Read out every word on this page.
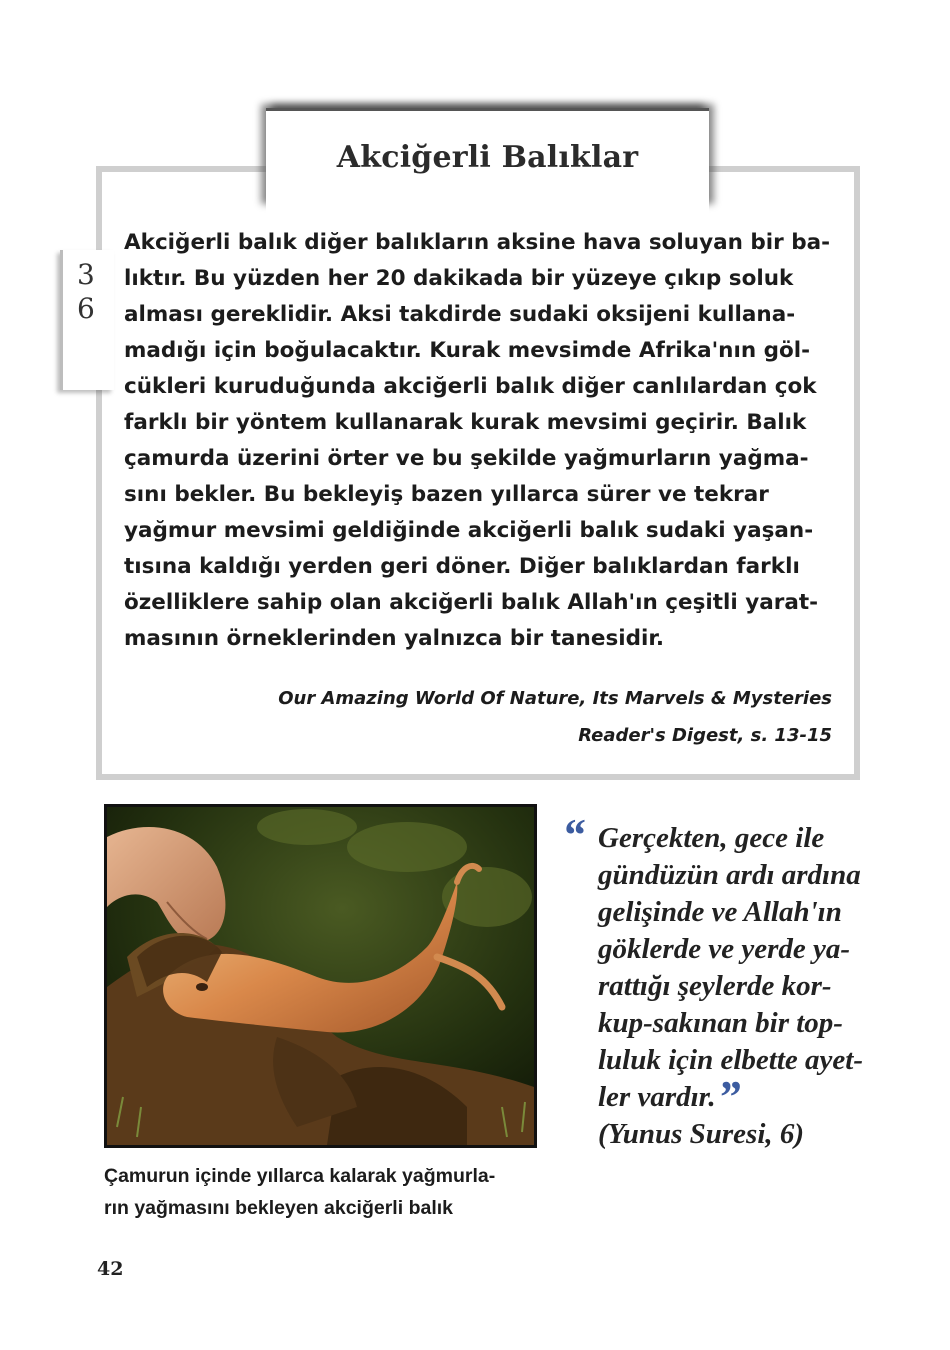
Akciğerli Balıklar
3
6
Akciğerli balık diğer balıkların aksine hava soluyan bir ba-
lıktır. Bu yüzden her 20 dakikada bir yüzeye çıkıp soluk
alması gereklidir. Aksi takdirde sudaki oksijeni kullana-
madığı için boğulacaktır. Kurak mevsimde Afrika'nın göl-
cükleri kuruduğunda akciğerli balık diğer canlılardan çok
farklı bir yöntem kullanarak kurak mevsimi geçirir. Balık
çamurda üzerini örter ve bu şekilde yağmurların yağma-
sını bekler. Bu bekleyiş bazen yıllarca sürer ve tekrar
yağmur mevsimi geldiğinde akciğerli balık sudaki yaşan-
tısına kaldığı yerden geri döner. Diğer balıklardan farklı
özelliklere sahip olan akciğerli balık Allah'ın çeşitli yarat-
masının örneklerinden yalnızca bir tanesidir.
Our Amazing World Of Nature, Its Marvels & Mysteries
Reader's Digest, s. 13-15
Çamurun içinde yıllarca kalarak yağmurla-
rın yağmasını bekleyen akciğerli balık
“ Gerçekten, gece ile
gündüzün ardı ardına
gelişinde ve Allah'ın
göklerde ve yerde ya-
rattığı şeylerde kor-
kup-sakınan bir top-
luluk için elbette ayet-
ler vardır.”
(Yunus Suresi, 6)
42
